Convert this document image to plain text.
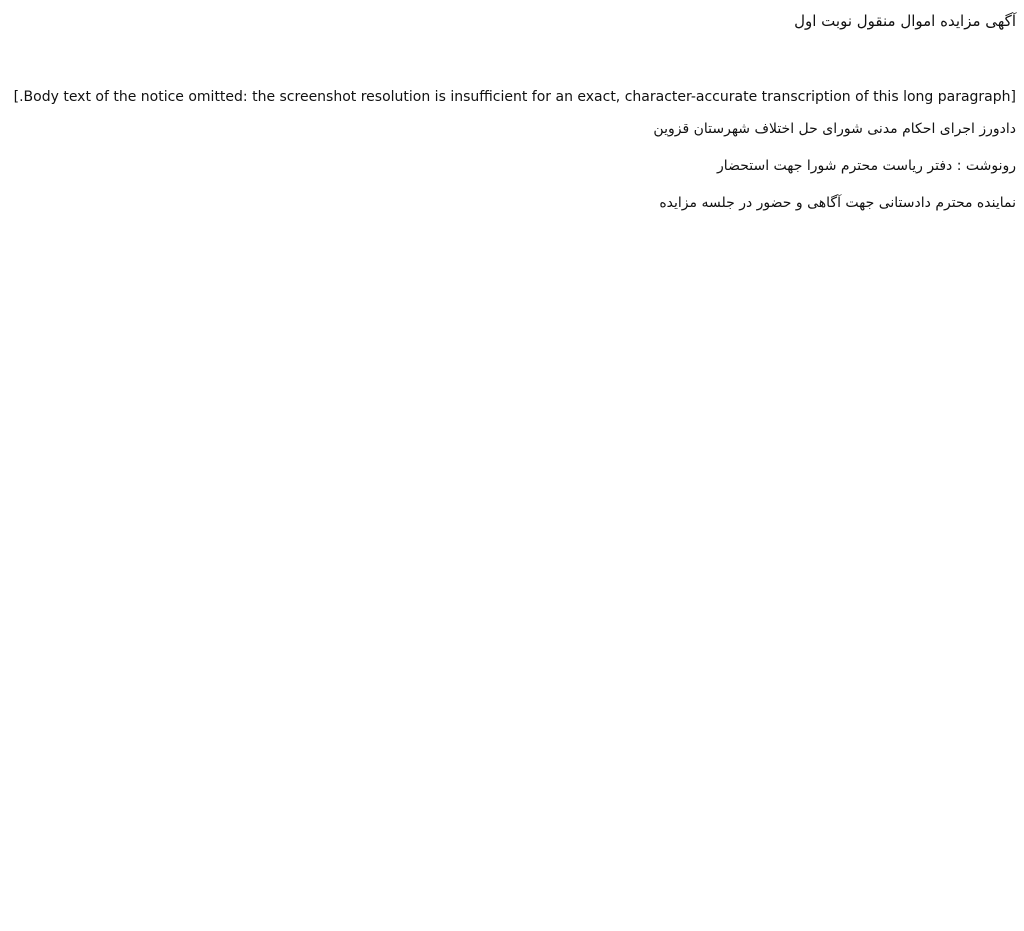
آگهی مزایده اموال منقول نوبت اول
[Body text of the notice omitted: the screenshot resolution is insufficient for an exact, character-accurate transcription of this long paragraph.]
دادورز اجرای احکام مدنی شورای حل اختلاف شهرستان قزوین
رونوشت : دفتر ریاست محترم شورا جهت استحضار
نماینده محترم دادستانی جهت آگاهی و حضور در جلسه مزایده
